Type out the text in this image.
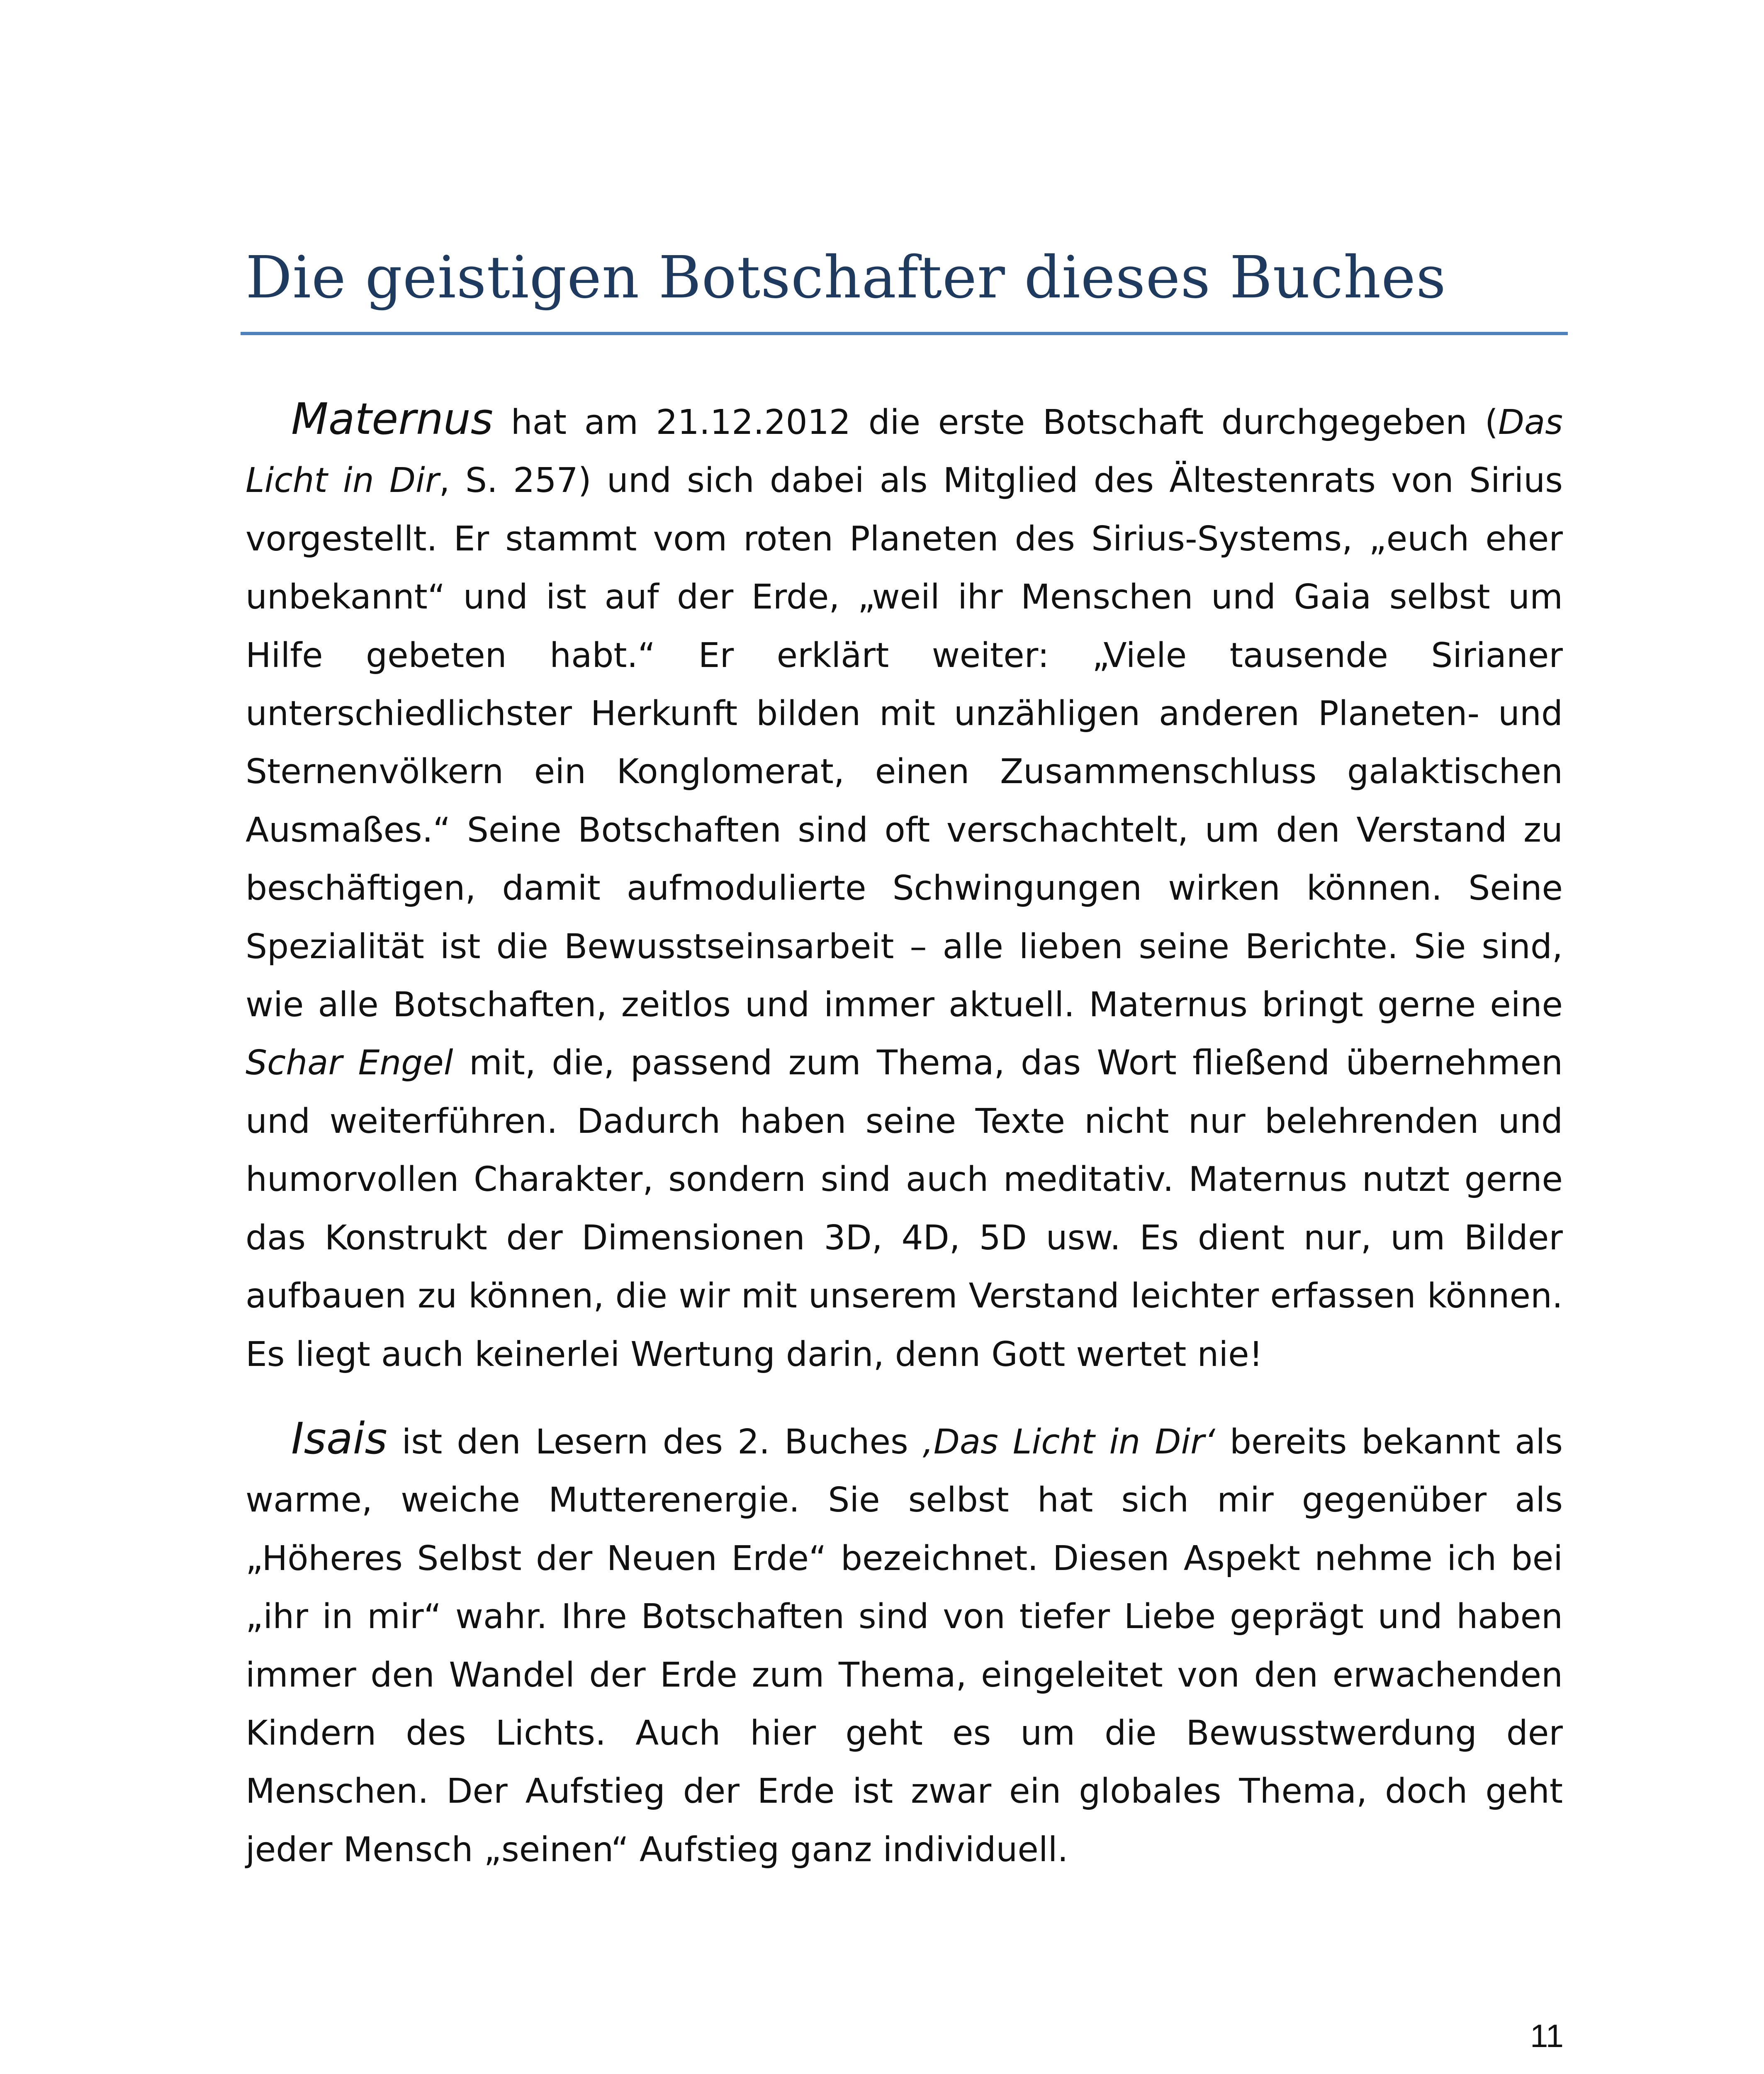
Die geistigen Botschafter dieses Buches

Maternus hat am 21.12.2012 die erste Botschaft durchgegeben (Das Licht in Dir, S. 257) und sich dabei als Mitglied des Ältestenrats von Sirius vorgestellt. Er stammt vom roten Planeten des Sirius-Systems, „euch eher unbekannt“ und ist auf der Erde, „weil ihr Menschen und Gaia selbst um Hilfe gebeten habt.“ Er erklärt weiter: „Viele tausende Sirianer unterschiedlichster Herkunft bilden mit unzähligen anderen Planeten- und Sternenvölkern ein Konglomerat, einen Zusammenschluss galaktischen Ausmaßes.“ Seine Botschaften sind oft verschachtelt, um den Verstand zu beschäftigen, damit aufmodulierte Schwingungen wirken können. Seine Spezialität ist die Bewusstseinsarbeit – alle lieben seine Berichte. Sie sind, wie alle Botschaften, zeitlos und immer aktuell. Maternus bringt gerne eine Schar Engel mit, die, passend zum Thema, das Wort fließend übernehmen und weiterführen. Dadurch haben seine Texte nicht nur belehrenden und humorvollen Charakter, sondern sind auch meditativ. Maternus nutzt gerne das Konstrukt der Dimensionen 3D, 4D, 5D usw. Es dient nur, um Bilder aufbauen zu können, die wir mit unserem Verstand leichter erfassen können. Es liegt auch keinerlei Wertung darin, denn Gott wertet nie!

Isais ist den Lesern des 2. Buches ‚Das Licht in Dir‘ bereits bekannt als warme, weiche Mutterenergie. Sie selbst hat sich mir gegenüber als „Höheres Selbst der Neuen Erde“ bezeichnet. Diesen Aspekt nehme ich bei „ihr in mir“ wahr. Ihre Botschaften sind von tiefer Liebe geprägt und haben immer den Wandel der Erde zum Thema, eingeleitet von den erwachenden Kindern des Lichts. Auch hier geht es um die Bewusstwerdung der Menschen. Der Aufstieg der Erde ist zwar ein globales Thema, doch geht jeder Mensch „seinen“ Aufstieg ganz individuell.

11
